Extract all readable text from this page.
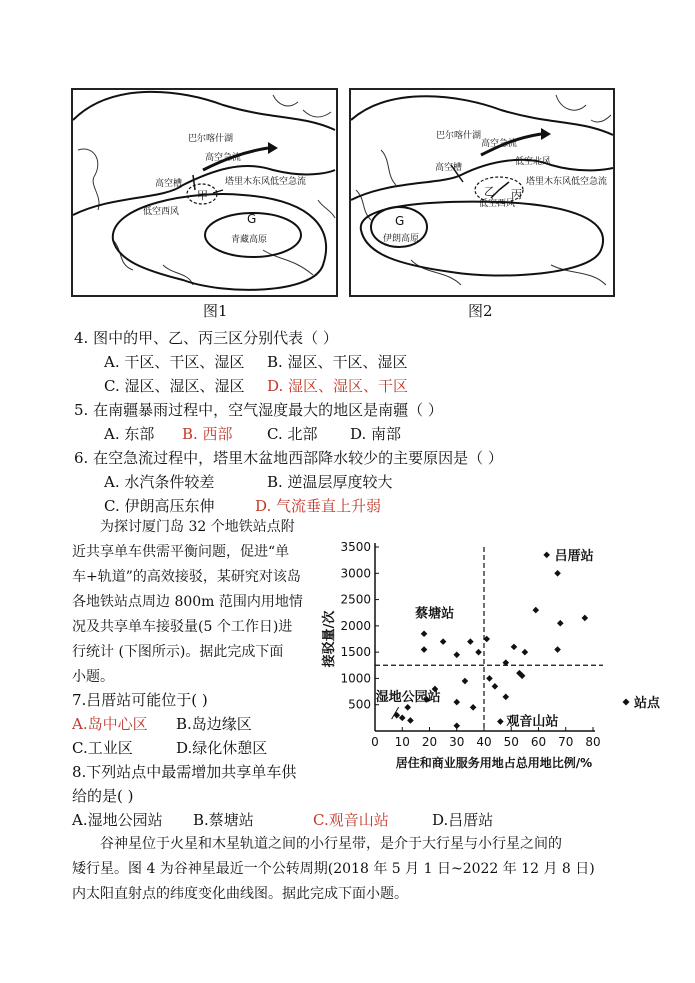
巴尔喀什湖
高空急流
高空槽	塔里木东风低空急流
低空西风
甲
G
青藏高原
图1
巴尔喀什湖
高空急流
高空槽
低空北风
塔里木东风低空急流
低空西风
乙 丙
G
伊朗高原
图2
4. 图中的甲、乙、丙三区分别代表（ ）
A. 干区、干区、湿区 B. 湿区、干区、湿区
C. 湿区、湿区、湿区 D. 湿区、湿区、干区
5. 在南疆暴雨过程中，空气湿度最大的地区是南疆（ ）
A. 东部 B. 西部 C. 北部 D. 南部
6. 在空急流过程中，塔里木盆地西部降水较少的主要原因是（ ）
A. 水汽条件较差	B. 逆温层厚度较大
C. 伊朗高压东伸	D. 气流垂直上升弱
为探讨厦门岛 32 个地铁站点附
近共享单车供需平衡问题，促进“单
车+轨道”的高效接驳，某研究对该岛
各地铁站点周边 800m 范围内用地情
况及共享单车接驳量(5 个工作日)进
行统计 (下图所示)。据此完成下面
小题。
7.吕厝站可能位于( )
A.岛中心区 B.岛边缘区
C.工业区	D.绿化休憩区
8.下列站点中最需增加共享单车供
给的是( )
A.湿地公园站 B.蔡塘站	C.观音山站	D.吕厝站
谷神星位于火星和木星轨道之间的小行星带，是介于大行星与小行星之间的
矮行星。图 4 为谷神星最近一个公转周期(2018 年 5 月 1 日~2022 年 12 月 8 日)
内太阳直射点的纬度变化曲线图。据此完成下面小题。
0 10 20 30 40 50 60 70 80
500
1000
1500
2000
2500
3000
3500
吕厝站
蔡塘站
湿地公园站
观音山站
居住和商业服务用地占总用地比例/%
接驳量/次
站点
